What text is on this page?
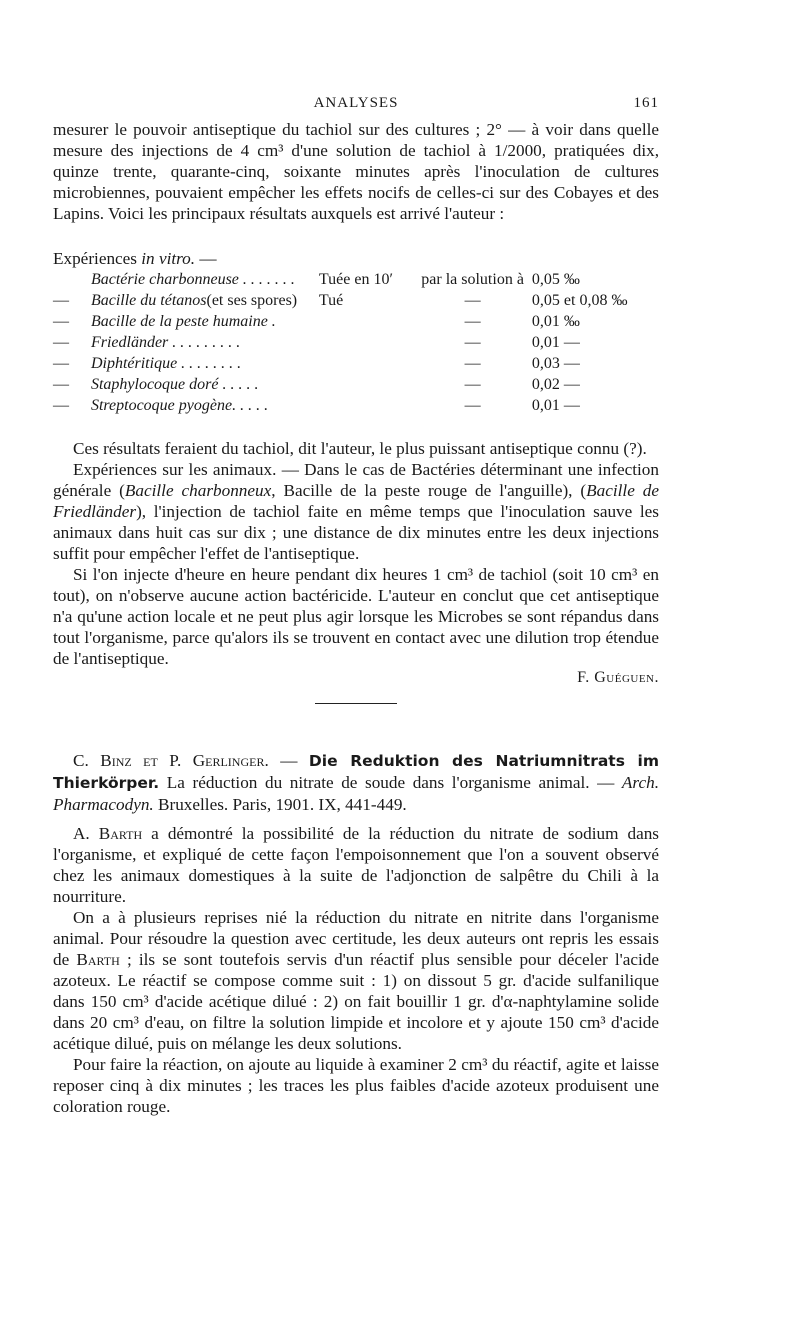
ANALYSES	161

mesurer le pouvoir antiseptique du tachiol sur des cultures ; 2° — à voir dans quelle mesure des injections de 4 cm³ d'une solution de tachiol à 1/2000, pratiquées dix, quinze trente, quarante-cinq, soixante minutes après l'inoculation de cultures microbiennes, pouvaient empêcher les effets nocifs de celles-ci sur des Cobayes et des Lapins. Voici les principaux résultats auxquels est arrivé l'auteur :

Expériences in vitro. —
	Bactérie charbonneuse . . . . . . .	Tuée en 10′	par la solution à	0,05 ‰
—	Bacille du tétanos(et ses spores)	Tué	—	0,05 et 0,08 ‰
—	Bacille de la peste humaine .		—	0,01 ‰
—	Friedländer . . . . . . . . .		—	0,01 —
—	Diphtéritique . . . . . . . .		—	0,03 —
—	Staphylocoque doré . . . . .		—	0,02 —
—	Streptocoque pyogène. . . . .		—	0,01 —

Ces résultats feraient du tachiol, dit l'auteur, le plus puissant antiseptique connu (?).

Expériences sur les animaux. — Dans le cas de Bactéries déterminant une infection générale (Bacille charbonneux, Bacille de la peste rouge de l'anguille), (Bacille de Friedländer), l'injection de tachiol faite en même temps que l'inoculation sauve les animaux dans huit cas sur dix ; une distance de dix minutes entre les deux injections suffit pour empêcher l'effet de l'antiseptique.

Si l'on injecte d'heure en heure pendant dix heures 1 cm³ de tachiol (soit 10 cm³ en tout), on n'observe aucune action bactéricide. L'auteur en conclut que cet antiseptique n'a qu'une action locale et ne peut plus agir lorsque les Microbes se sont répandus dans tout l'organisme, parce qu'alors ils se trouvent en contact avec une dilution trop étendue de l'antiseptique.

F. Guéguen.

C. Binz et P. Gerlinger. — Die Reduktion des Natriumnitrats im Thierkörper. La réduction du nitrate de soude dans l'organisme animal. — Arch. Pharmacodyn. Bruxelles. Paris, 1901. IX, 441-449.

A. Barth a démontré la possibilité de la réduction du nitrate de sodium dans l'organisme, et expliqué de cette façon l'empoisonnement que l'on a souvent observé chez les animaux domestiques à la suite de l'adjonction de salpêtre du Chili à la nourriture.

On a à plusieurs reprises nié la réduction du nitrate en nitrite dans l'organisme animal. Pour résoudre la question avec certitude, les deux auteurs ont repris les essais de Barth ; ils se sont toutefois servis d'un réactif plus sensible pour déceler l'acide azoteux. Le réactif se compose comme suit : 1) on dissout 5 gr. d'acide sulfanilique dans 150 cm³ d'acide acétique dilué : 2) on fait bouillir 1 gr. d'α-naphtylamine solide dans 20 cm³ d'eau, on filtre la solution limpide et incolore et y ajoute 150 cm³ d'acide acétique dilué, puis on mélange les deux solutions.

Pour faire la réaction, on ajoute au liquide à examiner 2 cm³ du réactif, agite et laisse reposer cinq à dix minutes ; les traces les plus faibles d'acide azoteux produisent une coloration rouge.
